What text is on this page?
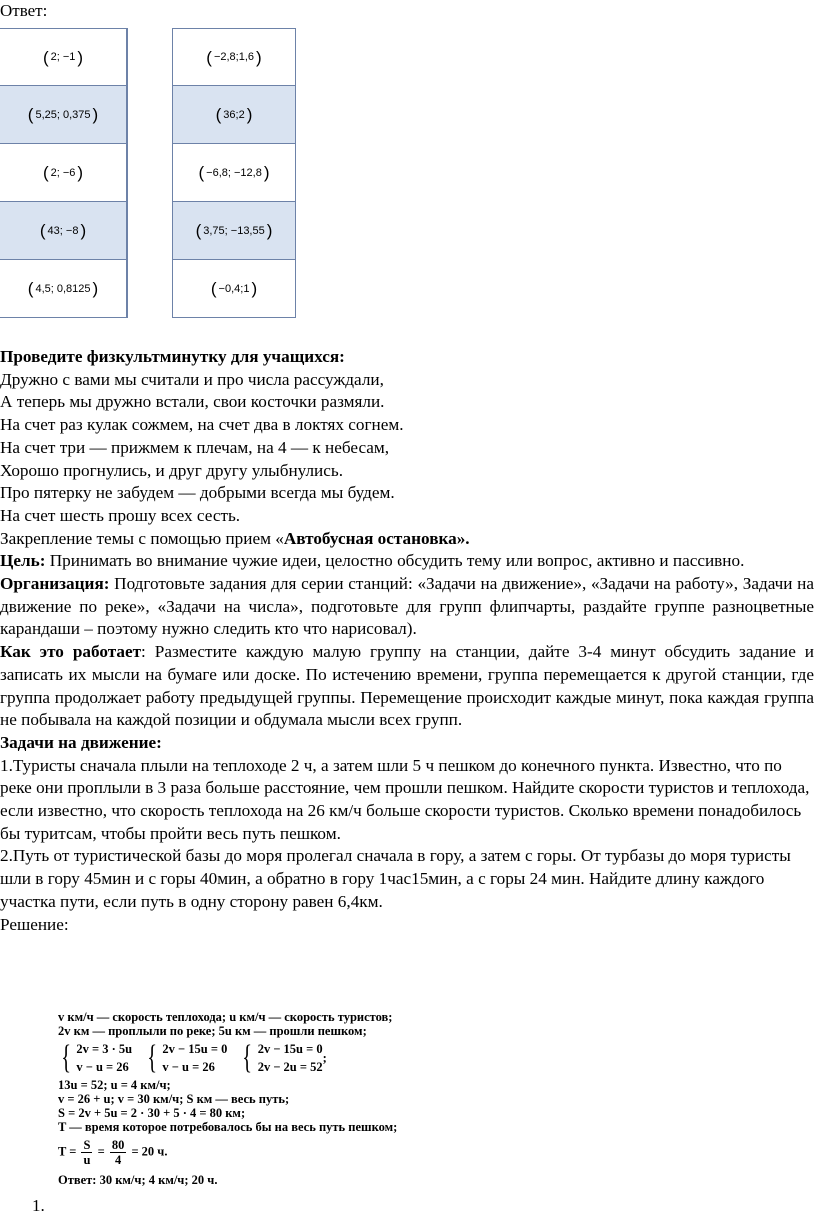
Ответ:
( 2; −1 )
( 5,25; 0,375 )
( 2; −6 )
( 43; −8 )
( 4,5; 0,8125 )
( −2,8;1,6 )
( 36;2 )
( −6,8; −12,8 )
( 3,75; −13,55 )
( −0,4;1 )

Проведите физкультминутку для учащихся:

Дружно с вами мы считали и про числа рассуждали,

А теперь мы дружно встали, свои косточки размяли.

На счет раз кулак сожмем, на счет два в локтях согнем.

На счет три — прижмем к плечам, на 4 — к небесам,

Хорошо прогнулись, и друг другу улыбнулись.

Про пятерку не забудем — добрыми всегда мы будем.

На счет шесть прошу всех сесть.

Закрепление темы с помощью прием «Автобусная остановка».

Цель: Принимать во внимание чужие идеи, целостно обсудить тему или вопрос, активно и пассивно.

Организация: Подготовьте задания для серии станций: «Задачи на движение», «Задачи на работу», Задачи на движение по реке», «Задачи на числа», подготовьте для групп флипчарты, раздайте группе разноцветные карандаши – поэтому нужно следить кто что нарисовал).

Как это работает: Разместите каждую малую группу на станции, дайте 3-4 минут обсудить задание и записать их мысли на бумаге или доске. По истечению времени, группа перемещается к другой станции, где группа продолжает работу предыдущей группы. Перемещение происходит каждые минут, пока каждая группа не побывала на каждой позиции и обдумала мысли всех групп.

Задачи на движение:

1.Туристы сначала плыли на теплоходе 2 ч, а затем шли 5 ч пешком до конечного пункта. Известно, что по реке они проплыли в 3 раза больше расстояние, чем прошли пешком. Найдите скорости туристов и теплохода, если известно, что скорость теплохода на 26 км/ч больше скорости туристов. Сколько времени понадобилось бы туритсам, чтобы пройти весь путь пешком.

2.Путь от туристической базы до моря пролегал сначала в гору, а затем с горы. От турбазы до моря туристы шли в гору 45мин и с горы 40мин, а обратно в гору 1час15мин, а с горы 24 мин. Найдите длину каждого участка пути, если путь в одну сторону равен 6,4км.

Решение:

v км/ч — скорость теплохода; u км/ч — скорость туристов;
2v км — проплыли по реке; 5u км — прошли пешком;
{ 2v = 3 · 5u
v − u = 26 { 2v − 15u = 0
v − u = 26 { 2v − 15u = 0
2v − 2u = 52
;
13u = 52; u = 4 км/ч;
v = 26 + u; v = 30 км/ч; S км — весь путь;
S = 2v + 5u = 2 · 30 + 5 · 4 = 80 км;
T — время которое потребовалось бы на весь путь пешком;
$T = \frac{S}{u} = \frac{80}{4} = 20$ ч.
Ответ: 30 км/ч; 4 км/ч; 20 ч.
1.
